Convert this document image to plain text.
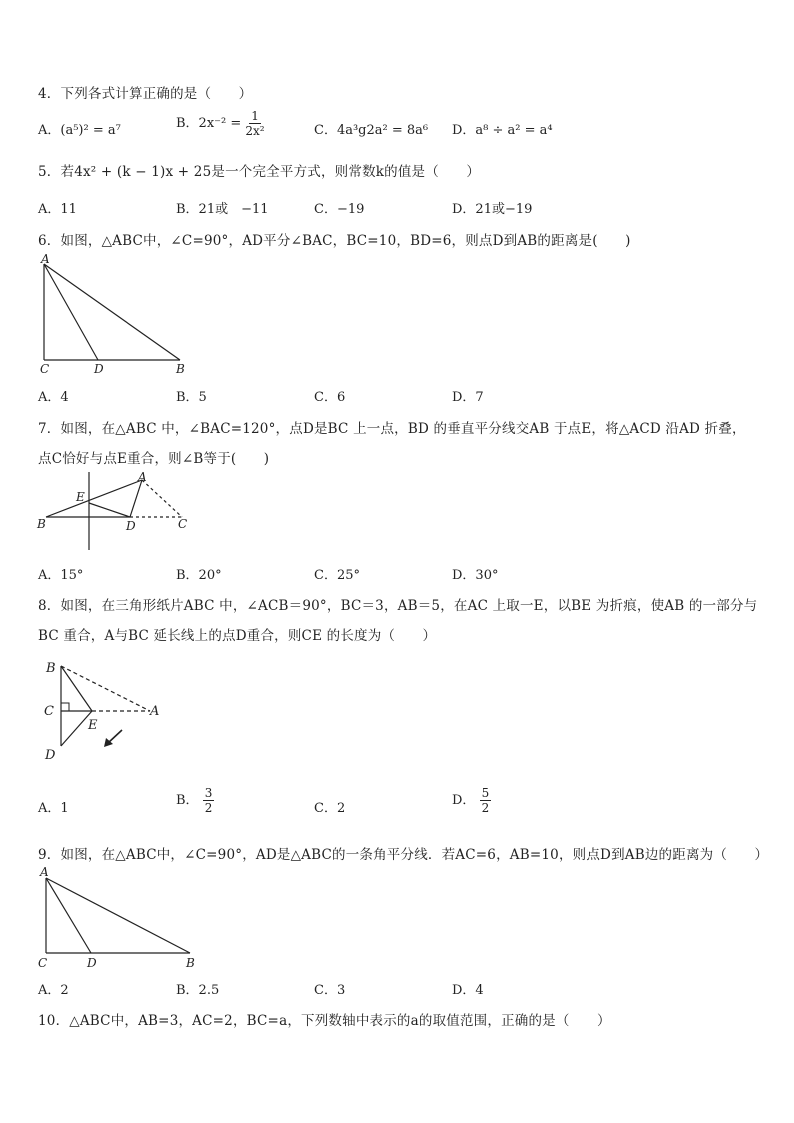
4．下列各式计算正确的是（　　）
A．(a⁵)² = a⁷	B．$2x^{-2} = \frac{1}{\text{2x²}}$	C．4a³g2a² = 8a⁶ D．a⁸ ÷ a² = a⁴
5．若4x² + (k − 1)x + 25是一个完全平方式，则常数k的值是（　　）
A．11	B．21或　−11	C．−19	D．21或−19
6．如图，△ABC中，∠C=90°，AD平分∠BAC，BC=10，BD=6，则点D到AB的距离是(　　)
A
C	D	B
A．4	B．5	C．6	D．7
7．如图，在△ABC 中，∠BAC=120°，点D是BC 上一点，BD 的垂直平分线交AB 于点E，将△ACD 沿AD 折叠，
点C恰好与点E重合，则∠B等于(　　)
A
E
B	D	C
A．15°	B．20°	C．25°	D．30°
8．如图，在三角形纸片ABC 中，∠ACB＝90°，BC＝3，AB＝5，在AC 上取一E，以BE 为折痕，使AB 的一部分与
BC 重合，A与BC 延长线上的点D重合，则CE 的长度为（　　）
B
C
E
A
D
A．1
B． $\frac{3}{2}$	C．2
D． $\frac{5}{2}$
9．如图，在△ABC中，∠C=90°，AD是△ABC的一条角平分线．若AC=6，AB=10，则点D到AB边的距离为（　　）
A
C	D	B
A．2	B．2.5	C．3	D．4
10．△ABC中，AB=3，AC=2，BC=a，下列数轴中表示的a的取值范围，正确的是（　　）
